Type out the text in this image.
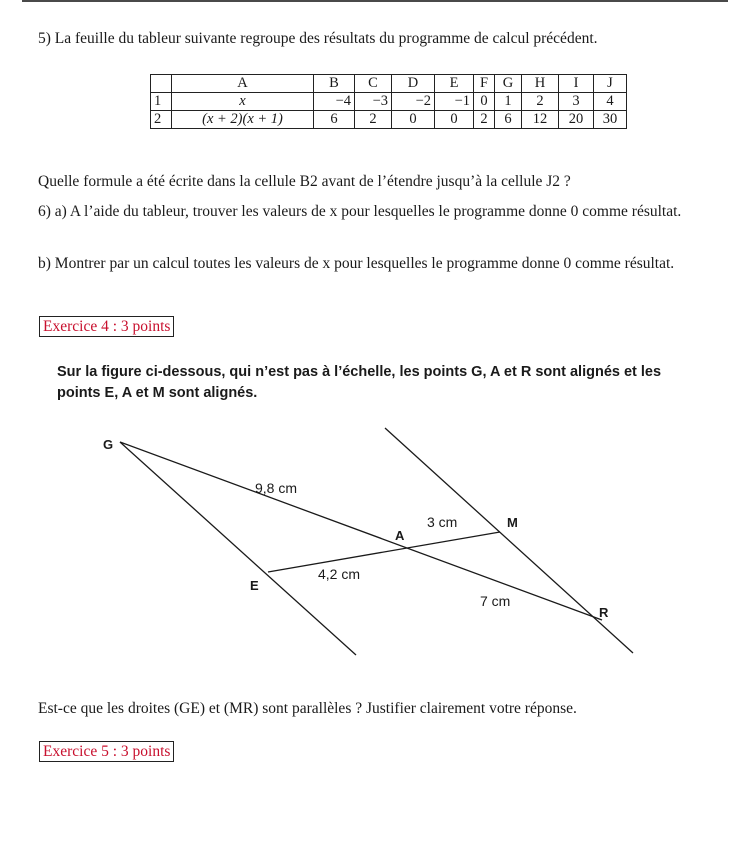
5) La feuille du tableur suivante regroupe des résultats du programme de calcul précédent.
	A	B	C	D	E	F	G	H	I	J
1	x	−4	−3	−2	−1	0	1	2	3	4
2	(x + 2)(x + 1)	6	2	0	0	2	6	12	20	30
Quelle formule a été écrite dans la cellule B2 avant de l’étendre jusqu’à la cellule J2 ?
6) a) A l’aide du tableur, trouver les valeurs de x pour lesquelles le programme donne 0 comme résultat.
b) Montrer par un calcul toutes les valeurs de x pour lesquelles le programme donne 0 comme résultat.
Exercice 4 : 3 points
Sur la figure ci-dessous, qui n’est pas à l’échelle, les points G, A et R sont alignés et les points E, A et M sont alignés.
G
A
E
M
R
9,8 cm
3 cm
4,2 cm
7 cm
Est-ce que les droites (GE) et (MR) sont parallèles ? Justifier clairement votre réponse.
Exercice 5 : 3 points
